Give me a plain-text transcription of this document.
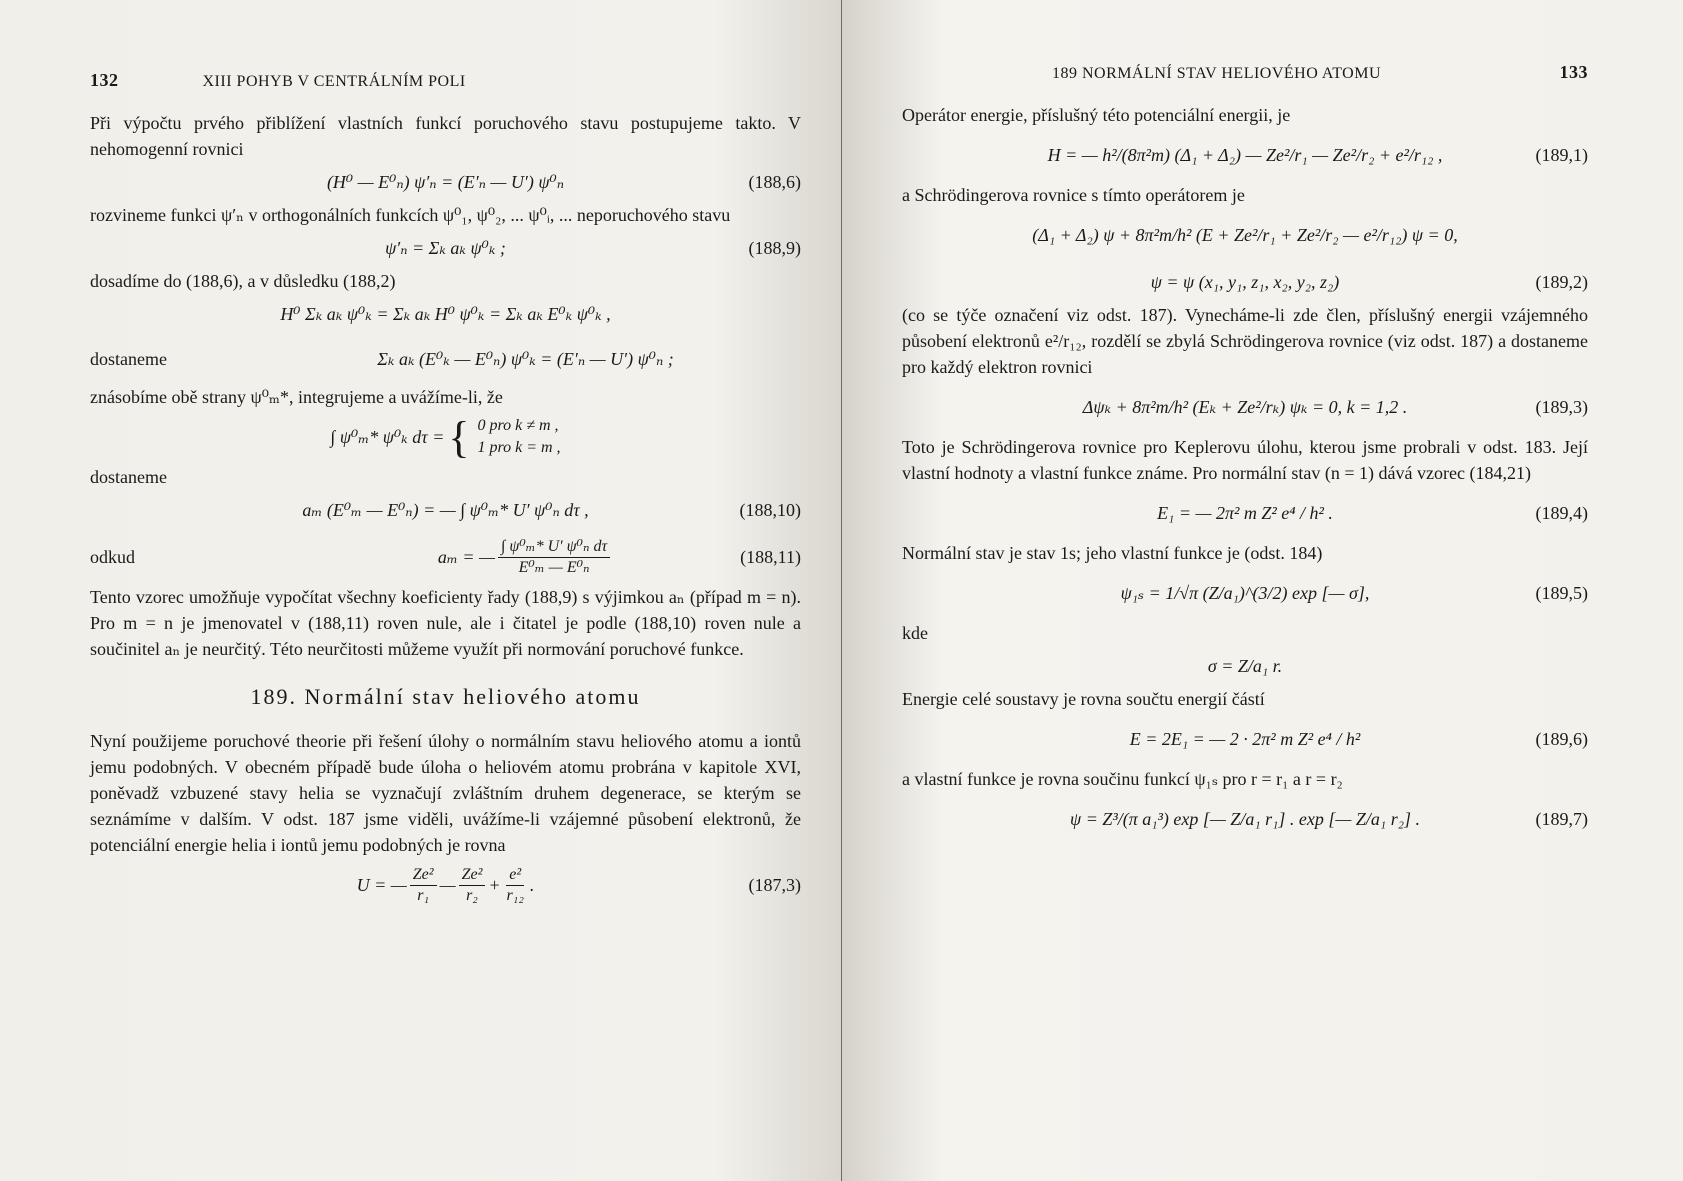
132	XIII POHYB V CENTRÁLNÍM POLI

Při výpočtu prvého přiblížení vlastních funkcí poruchového stavu postupujeme takto. V nehomogenní rovnici

(H⁰ — E⁰ₙ) ψ′ₙ = (E′ₙ — U′) ψ⁰ₙ	(188,6)

rozvineme funkci ψ′ₙ v orthogonálních funkcích ψ⁰₁, ψ⁰₂, ... ψ⁰ᵢ, ... neporuchového stavu

ψ′ₙ = Σₖ aₖ ψ⁰ₖ ;	(188,9)

dosadíme do (188,6), a v důsledku (188,2)

H⁰ Σₖ aₖ ψ⁰ₖ = Σₖ aₖ H⁰ ψ⁰ₖ = Σₖ aₖ E⁰ₖ ψ⁰ₖ ,

dostaneme	Σₖ aₖ (E⁰ₖ — E⁰ₙ) ψ⁰ₖ = (E′ₙ — U′) ψ⁰ₙ ;

znásobíme obě strany ψ⁰ₘ*, integrujeme a uvážíme-li, že

∫ ψ⁰ₘ* ψ⁰ₖ dτ = { 0 pro k ≠ m ,
1 pro k = m ,

dostaneme

aₘ (E⁰ₘ — E⁰ₙ) = — ∫ ψ⁰ₘ* U′ ψ⁰ₙ dτ ,	(188,10)

odkud	aₘ = — $\frac{\text{∫ ψ⁰ₘ* U′ ψ⁰ₙ dτ}}{\text{E⁰ₘ — E⁰ₙ}}$	(188,11)

Tento vzorec umožňuje vypočítat všechny koeficienty řady (188,9) s výjimkou aₙ (případ m = n). Pro m = n je jmenovatel v (188,11) roven nule, ale i čitatel je podle (188,10) roven nule a součinitel aₙ je neurčitý. Této neurčitosti můžeme využít při normování poruchové funkce.

189. Normální stav heliového atomu

Nyní použijeme poruchové theorie při řešení úlohy o normálním stavu heliového atomu a iontů jemu podobných. V obecném případě bude úloha o heliovém atomu probrána v kapitole XVI, poněvadž vzbuzené stavy helia se vyznačují zvláštním druhem degenerace, se kterým se seznámíme v dalším. V odst. 187 jsme viděli, uvážíme-li vzájemné působení elektronů, že potenciální energie helia i iontů jemu podobných je rovna

U = — $\frac{\text{Ze²}}{\text{r₁}}$ — $\frac{\text{Ze²}}{\text{r₂}} + \frac{\text{e²}}{\text{r₁₂}}$ .	(187,3)
189 NORMÁLNÍ STAV HELIOVÉHO ATOMU	133

Operátor energie, příslušný této potenciální energii, je

H = — h²/(8π²m) (Δ₁ + Δ₂) — Ze²/r₁ — Ze²/r₂ + e²/r₁₂ ,	(189,1)

a Schrödingerova rovnice s tímto operátorem je

(Δ₁ + Δ₂) ψ + 8π²m/h² (E + Ze²/r₁ + Ze²/r₂ — e²/r₁₂) ψ = 0,
ψ = ψ (x₁, y₁, z₁, x₂, y₂, z₂)	(189,2)

(co se týče označení viz odst. 187). Vynecháme-li zde člen, příslušný energii vzájemného působení elektronů e²/r₁₂, rozdělí se zbylá Schrödingerova rovnice (viz odst. 187) a dostaneme pro každý elektron rovnici

Δψₖ + 8π²m/h² (Eₖ + Ze²/rₖ) ψₖ = 0, k = 1,2 .	(189,3)

Toto je Schrödingerova rovnice pro Keplerovu úlohu, kterou jsme probrali v odst. 183. Její vlastní hodnoty a vlastní funkce známe. Pro normální stav (n = 1) dává vzorec (184,21)

E₁ = — 2π² m Z² e⁴ / h² .	(189,4)

Normální stav je stav 1s; jeho vlastní funkce je (odst. 184)

ψ₁ₛ = 1/√π (Z/a₁)^(3/2) exp [— σ],	(189,5)

kde

σ = Z/a₁ r.

Energie celé soustavy je rovna součtu energií částí

E = 2E₁ = — 2 · 2π² m Z² e⁴ / h²	(189,6)

a vlastní funkce je rovna součinu funkcí ψ₁ₛ pro r = r₁ a r = r₂

ψ = Z³/(π a₁³) exp [— Z/a₁ r₁] . exp [— Z/a₁ r₂] .	(189,7)
